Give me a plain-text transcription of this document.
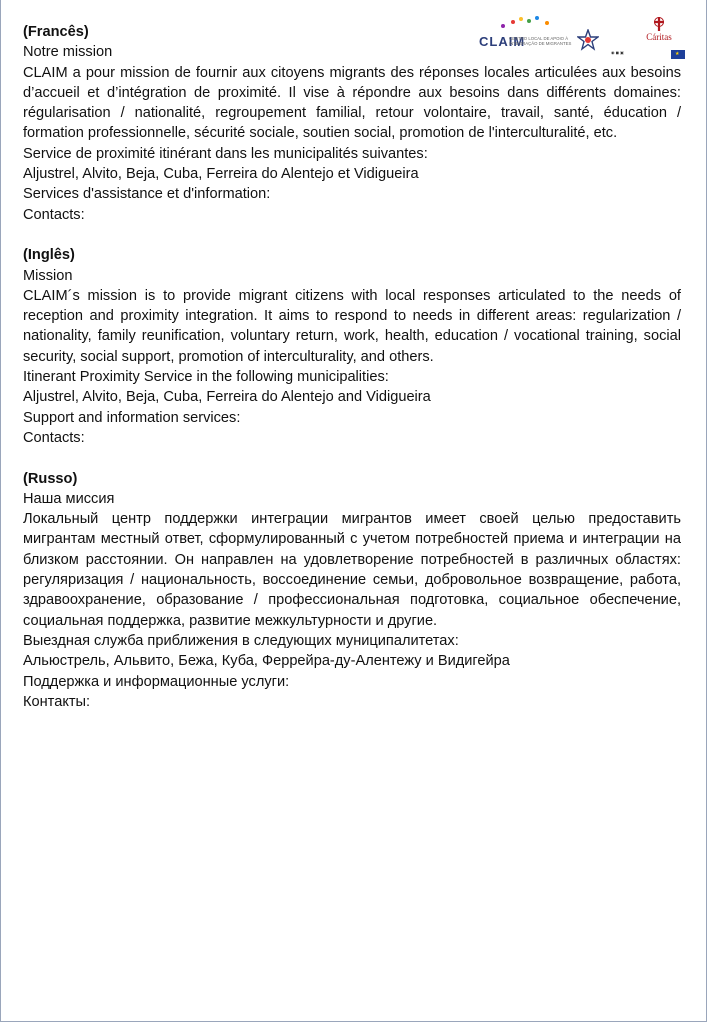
CLAIM
CENTRO LOCAL DE APOIO À INTEGRAÇÃO DE MIGRANTES
◉ ◼ ▣
Cáritas
★

(Francês)

Notre mission

CLAIM a pour mission de fournir aux citoyens migrants des réponses locales articulées aux besoins d’accueil et d’intégration de proximité. Il vise à répondre aux besoins dans différents domaines: régularisation / nationalité, regroupement familial, retour volontaire, travail, santé, éducation / formation professionnelle, sécurité sociale, soutien social, promotion de l'interculturalité, etc.

Service de proximité itinérant dans les municipalités suivantes:

Aljustrel, Alvito, Beja, Cuba, Ferreira do Alentejo et Vidigueira

Services d'assistance et d'information:

Contacts:

(Inglês)

Mission

CLAIM´s mission is to provide migrant citizens with local responses articulated to the needs of reception and proximity integration. It aims to respond to needs in different areas: regularization / nationality, family reunification, voluntary return, work, health, education / vocational training, social security, social support, promotion of interculturality, and others.

Itinerant Proximity Service in the following municipalities:

Aljustrel, Alvito, Beja, Cuba, Ferreira do Alentejo and Vidigueira

Support and information services:

Contacts:

(Russo)

Наша миссия

Локальный центр поддержки интеграции мигрантов имеет своей целью предоставить мигрантам местный ответ, сформулированный с учетом потребностей приема и интеграции на близком расстоянии. Он направлен на удовлетворение потребностей в различных областях: регуляризация / национальность, воссоединение семьи, добровольное возвращение, работа, здравоохранение, образование / профессиональная подготовка, социальное обеспечение, социальная поддержка, развитие межкультурности и другие.

Выездная служба приближения в следующих муниципалитетах:

Альюстрель, Альвито, Бежа, Куба, Феррейра-ду-Алентежу и Видигейра

Поддержка и информационные услуги:

Контакты:
